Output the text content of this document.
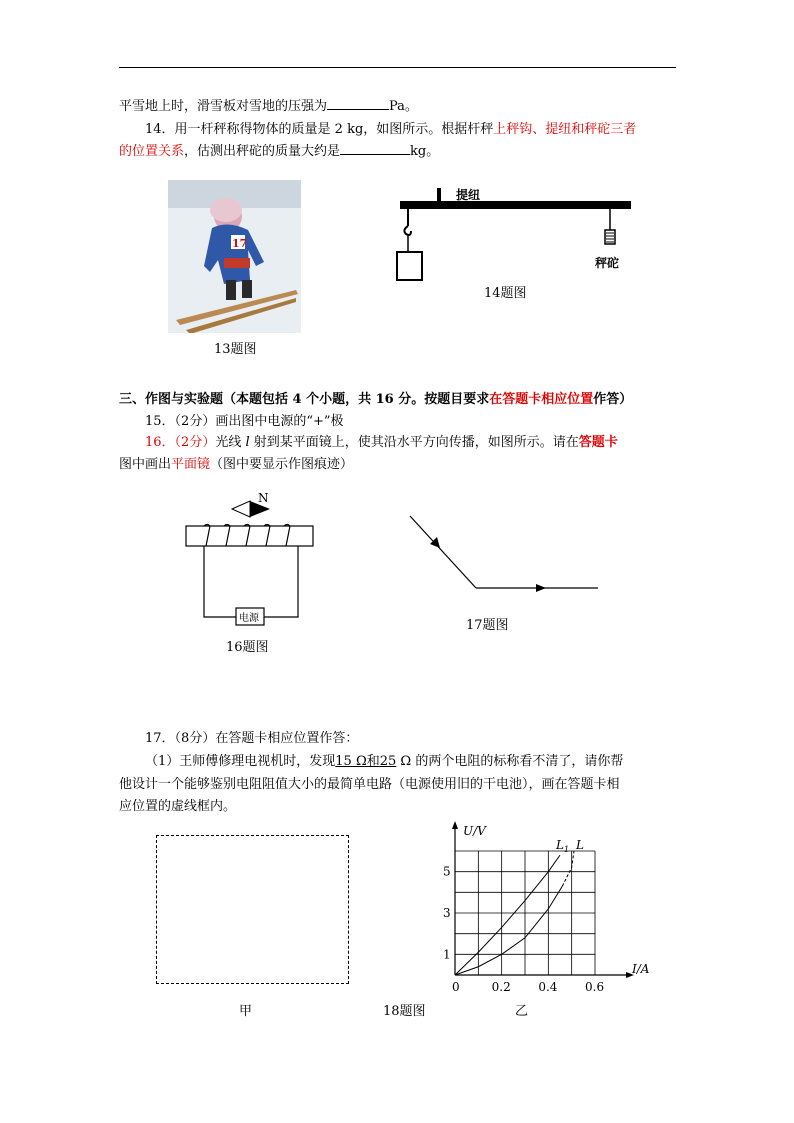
平雪地上时，滑雪板对雪地的压强为	Pa。
14．用一杆秤称得物体的质量是 2 kg，如图所示。根据杆秤上秤钩、提纽和秤砣三者
的位置关系，估测出秤砣的质量大约是	kg。
17
13题图
提纽
秤砣
14题图
三、作图与实验题（本题包括 4 个小题，共 16 分。按题目要求在答题卡相应位置作答）
15．（2分）画出图中电源的“+”极
16．（2分）光线 l 射到某平面镜上，使其沿水平方向传播，如图所示。请在答题卡
图中画出平面镜（图中要显示作图痕迹）
N
电源
16题图
17题图
17．（8分）在答题卡相应位置作答：
（1）王师傅修理电视机时，发现15 Ω和25 Ω 的两个电阻的标称看不清了，请你帮
他设计一个能够鉴别电阻阻值大小的最简单电路（电源使用旧的干电池），画在答题卡相
应位置的虚线框内。
甲	18题图
U/V
I/A
1
3
5
0	0.2 0.4 0.6
$L_1$ L
乙
